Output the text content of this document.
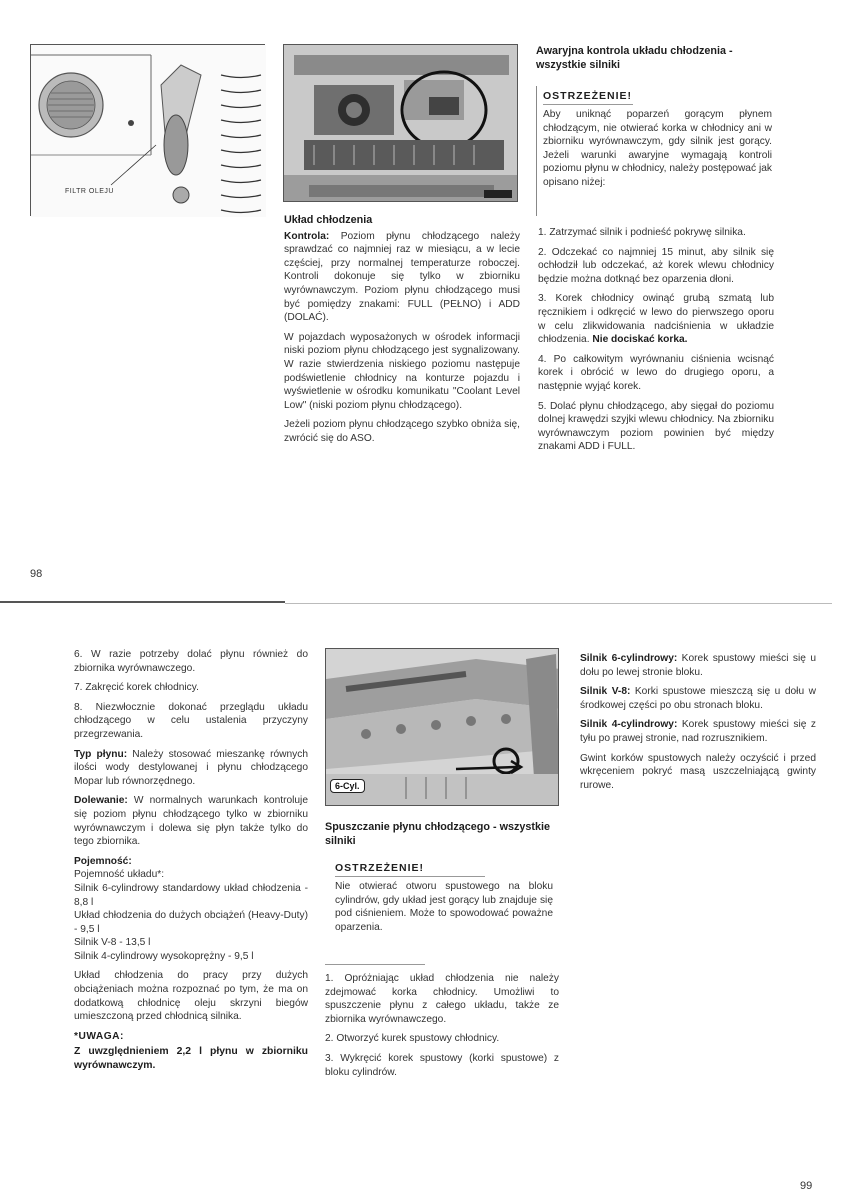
FILTR OLEJU

Układ chłodzenia

Kontrola: Poziom płynu chłodzącego należy sprawdzać co najmniej raz w miesiącu, a w lecie częściej, przy normalnej temperaturze roboczej. Kontroli dokonuje się tylko w zbiorniku wyrównawczym. Poziom płynu chłodzącego musi być pomiędzy znakami: FULL (PEŁNO) i ADD (DOLAĆ).

W pojazdach wyposażonych w ośrodek informacji niski poziom płynu chłodzącego jest sygnalizowany. W razie stwierdzenia niskiego poziomu następuje podświetlenie chłodnicy na konturze pojazdu i wyświetlenie w ośrodku komunikatu "Coolant Level Low" (niski poziom płynu chłodzącego).

Jeżeli poziom płynu chłodzącego szybko obniża się, zwrócić się do ASO.

Awaryjna kontrola układu chłodzenia - wszystkie silniki
OSTRZEŻENIE!
Aby uniknąć poparzeń gorącym płynem chłodzącym, nie otwierać korka w chłodnicy ani w zbiorniku wyrównawczym, gdy silnik jest gorący. Jeżeli warunki awaryjne wymagają kontroli poziomu płynu w chłodnicy, należy postępować jak opisano niżej:

1. Zatrzymać silnik i podnieść pokrywę silnika.

2. Odczekać co najmniej 15 minut, aby silnik się ochłodził lub odczekać, aż korek wlewu chłodnicy będzie można dotknąć bez oparzenia dłoni.

3. Korek chłodnicy owinąć grubą szmatą lub ręcznikiem i odkręcić w lewo do pierwszego oporu w celu zlikwidowania nadciśnienia w układzie chłodzenia. Nie dociskać korka.

4. Po całkowitym wyrównaniu ciśnienia wcisnąć korek i obrócić w lewo do drugiego oporu, a następnie wyjąć korek.

5. Dolać płynu chłodzącego, aby sięgał do poziomu dolnej krawędzi szyjki wlewu chłodnicy. Na zbiorniku wyrównawczym poziom powinien być między znakami ADD i FULL.

98

6. W razie potrzeby dolać płynu również do zbiornika wyrównawczego.

7. Zakręcić korek chłodnicy.

8. Niezwłocznie dokonać przeglądu układu chłodzącego w celu ustalenia przyczyny przegrzewania.

Typ płynu: Należy stosować mieszankę równych ilości wody destylowanej i płynu chłodzącego Mopar lub równorzędnego.

Dolewanie: W normalnych warunkach kontroluje się poziom płynu chłodzącego tylko w zbiorniku wyrównawczym i dolewa się płyn także tylko do tego zbiornika.

Pojemność:

Pojemność układu*:
Silnik 6-cylindrowy standardowy układ chłodzenia - 8,8 l
Układ chłodzenia do dużych obciążeń (Heavy-Duty) - 9,5 l
Silnik V-8 - 13,5 l
Silnik 4-cylindrowy wysokoprężny - 9,5 l

Układ chłodzenia do pracy przy dużych obciążeniach można rozpoznać po tym, że ma on dodatkową chłodnicę oleju skrzyni biegów umieszczoną przed chłodnicą silnika.

*UWAGA:

Z uwzględnieniem 2,2 l płynu w zbiorniku wyrównawczym.

6-Cyl.
Spuszczanie płynu chłodzącego - wszystkie silniki
OSTRZEŻENIE!
Nie otwierać otworu spustowego na bloku cylindrów, gdy układ jest gorący lub znajduje się pod ciśnieniem. Może to spowodować poważne oparzenia.

1. Opróżniając układ chłodzenia nie należy zdejmować korka chłodnicy. Umożliwi to spuszczenie płynu z całego układu, także ze zbiornika wyrównawczego.

2. Otworzyć kurek spustowy chłodnicy.

3. Wykręcić korek spustowy (korki spustowe) z bloku cylindrów.

Silnik 6-cylindrowy: Korek spustowy mieści się u dołu po lewej stronie bloku.

Silnik V-8: Korki spustowe mieszczą się u dołu w środkowej części po obu stronach bloku.

Silnik 4-cylindrowy: Korek spustowy mieści się z tyłu po prawej stronie, nad rozrusznikiem.

Gwint korków spustowych należy oczyścić i przed wkręceniem pokryć masą uszczelniającą gwinty rurowe.

99
